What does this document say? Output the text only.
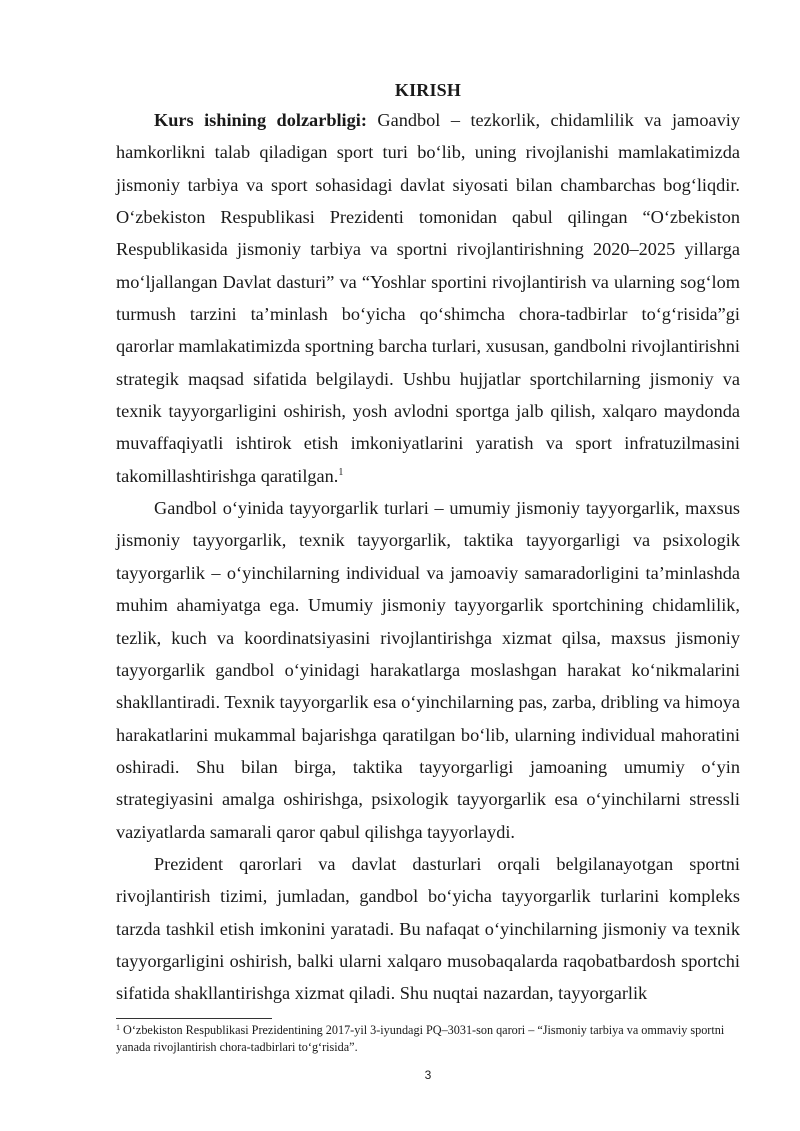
KIRISH

Kurs ishining dolzarbligi: Gandbol – tezkorlik, chidamlilik va jamoaviy hamkorlikni talab qiladigan sport turi bo‘lib, uning rivojlanishi mamlakatimizda jismoniy tarbiya va sport sohasidagi davlat siyosati bilan chambarchas bog‘liqdir. O‘zbekiston Respublikasi Prezidenti tomonidan qabul qilingan “O‘zbekiston Respublikasida jismoniy tarbiya va sportni rivojlantirishning 2020–2025 yillarga mo‘ljallangan Davlat dasturi” va “Yoshlar sportini rivojlantirish va ularning sog‘lom turmush tarzini ta’minlash bo‘yicha qo‘shimcha chora-tadbirlar to‘g‘risida”gi qarorlar mamlakatimizda sportning barcha turlari, xususan, gandbolni rivojlantirishni strategik maqsad sifatida belgilaydi. Ushbu hujjatlar sportchilarning jismoniy va texnik tayyorgarligini oshirish, yosh avlodni sportga jalb qilish, xalqaro maydonda muvaffaqiyatli ishtirok etish imkoniyatlarini yaratish va sport infratuzilmasini takomillashtirishga qaratilgan.$^1$

Gandbol o‘yinida tayyorgarlik turlari – umumiy jismoniy tayyorgarlik, maxsus jismoniy tayyorgarlik, texnik tayyorgarlik, taktika tayyorgarligi va psixologik tayyorgarlik – o‘yinchilarning individual va jamoaviy samaradorligini ta’minlashda muhim ahamiyatga ega. Umumiy jismoniy tayyorgarlik sportchining chidamlilik, tezlik, kuch va koordinatsiyasini rivojlantirishga xizmat qilsa, maxsus jismoniy tayyorgarlik gandbol o‘yinidagi harakatlarga moslashgan harakat ko‘nikmalarini shakllantiradi. Texnik tayyorgarlik esa o‘yinchilarning pas, zarba, dribling va himoya harakatlarini mukammal bajarishga qaratilgan bo‘lib, ularning individual mahoratini oshiradi. Shu bilan birga, taktika tayyorgarligi jamoaning umumiy o‘yin strategiyasini amalga oshirishga, psixologik tayyorgarlik esa o‘yinchilarni stressli vaziyatlarda samarali qaror qabul qilishga tayyorlaydi.

Prezident qarorlari va davlat dasturlari orqali belgilanayotgan sportni rivojlantirish tizimi, jumladan, gandbol bo‘yicha tayyorgarlik turlarini kompleks tarzda tashkil etish imkonini yaratadi. Bu nafaqat o‘yinchilarning jismoniy va texnik tayyorgarligini oshirish, balki ularni xalqaro musobaqalarda raqobatbardosh sportchi sifatida shakllantirishga xizmat qiladi. Shu nuqtai nazardan, tayyorgarlik

$^1$ O‘zbekiston Respublikasi Prezidentining 2017-yil 3-iyundagi PQ–3031-son qarori – “Jismoniy tarbiya va ommaviy sportni yanada rivojlantirish chora-tadbirlari to‘g‘risida”.

3
